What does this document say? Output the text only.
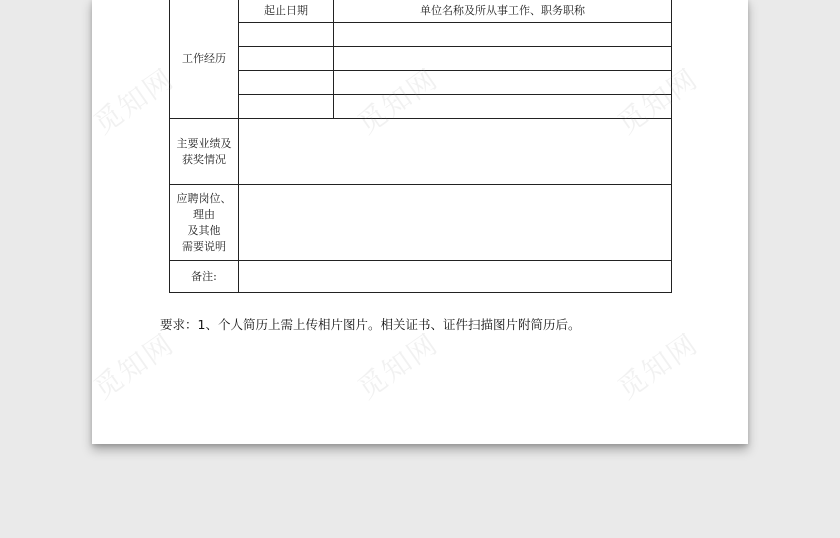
工作经历	起止日期	单位名称及所从事工作、职务职称

主要业绩及
获奖情况		

应聘岗位、
理由
及其他
需要说明		

备注:		
要求：1、个人简历上需上传相片图片。相关证书、证件扫描图片附简历后。
